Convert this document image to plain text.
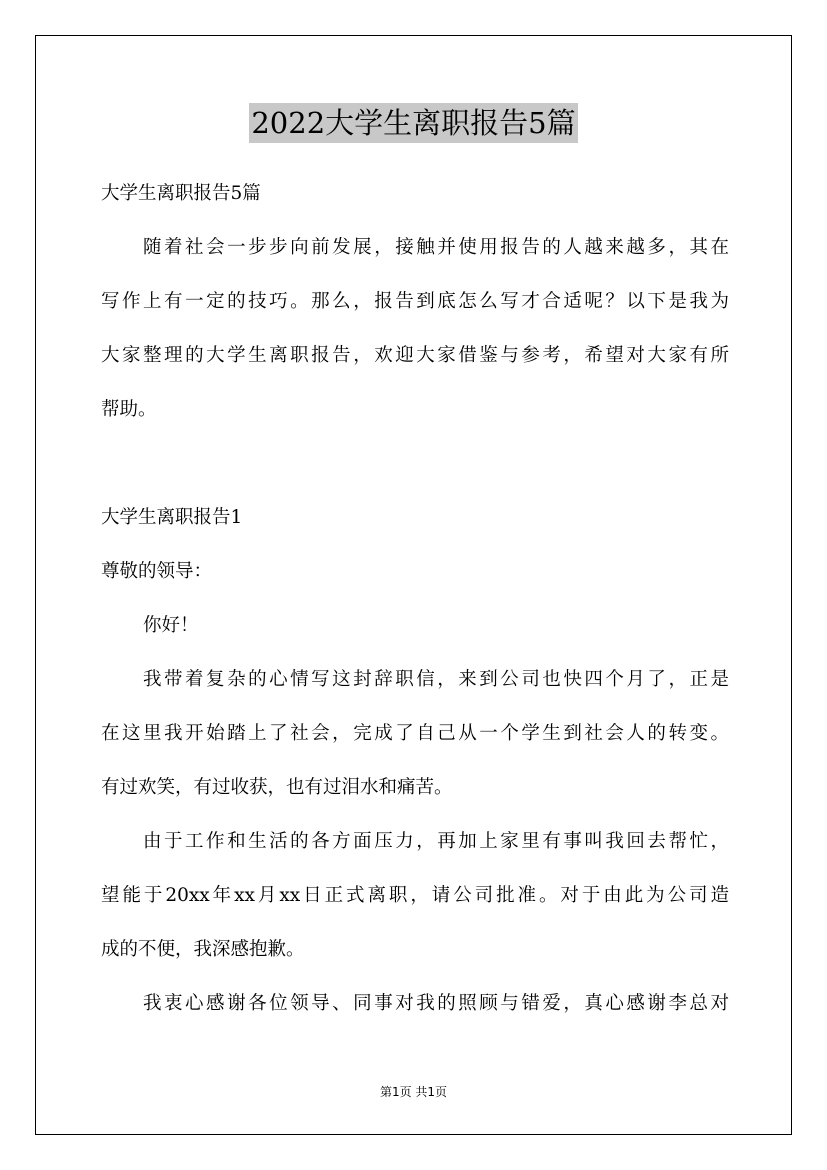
2022大学生离职报告5篇
大学生离职报告5篇
随着社会一步步向前发展，接触并使用报告的人越来越多，其在
写作上有一定的技巧。那么，报告到底怎么写才合适呢？以下是我为
大家整理的大学生离职报告，欢迎大家借鉴与参考，希望对大家有所
帮助。
大学生离职报告1
尊敬的领导：
你好！
我带着复杂的心情写这封辞职信，来到公司也快四个月了，正是
在这里我开始踏上了社会，完成了自己从一个学生到社会人的转变。
有过欢笑，有过收获，也有过泪水和痛苦。
由于工作和生活的各方面压力，再加上家里有事叫我回去帮忙，
望能于20xx年xx月xx日正式离职，请公司批准。对于由此为公司造
成的不便，我深感抱歉。
我衷心感谢各位领导、同事对我的照顾与错爱，真心感谢李总对
第1页 共1页
